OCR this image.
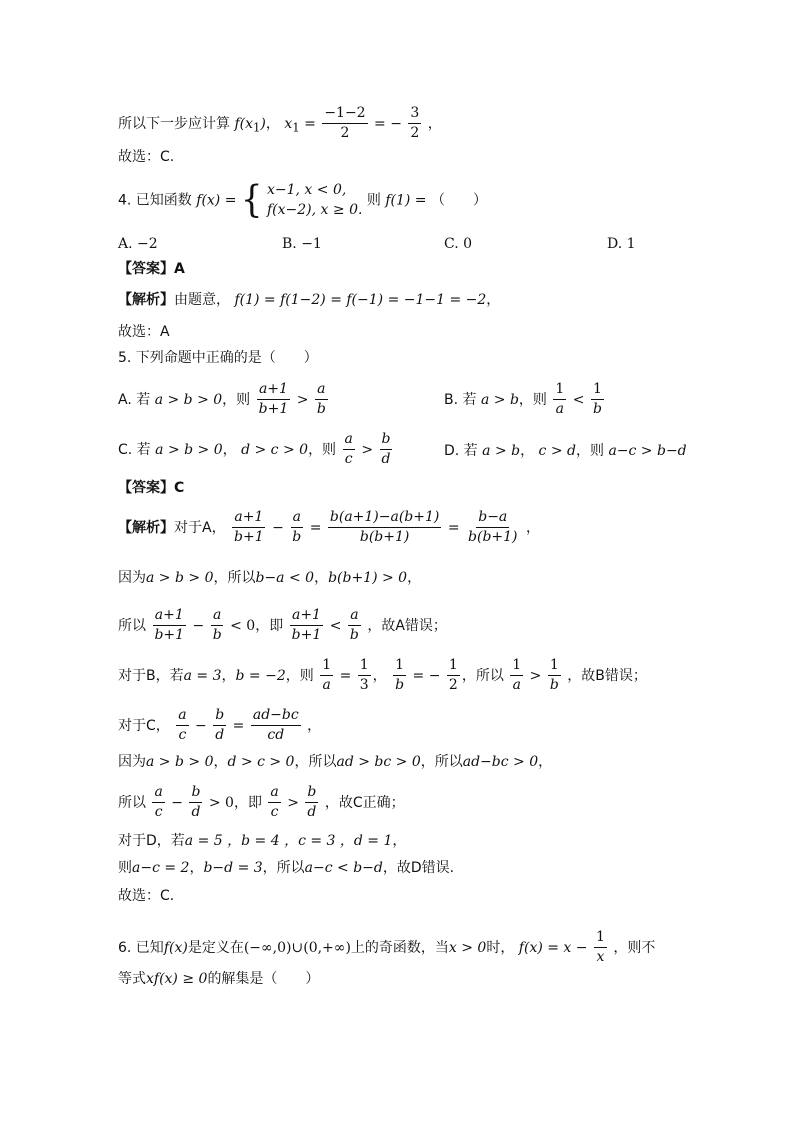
所以下一步应计算 $f(x_1)$， $x_1 = \frac{-1-2}{2}$ = − $\frac{3}{2}$ ，
故选：C.
4. 已知函数 f(x) = { x−1, x < 0,
f(x−2), x ≥ 0.
则 f(1) = （　　）
A. −2	B. −1	C. 0	D. 1
【答案】A
【解析】由题意， f(1) = f(1−2) = f(−1) = −1−1 = −2，
故选：A
5. 下列命题中正确的是（　　）
A. 若 a > b > 0，则 $\frac{a+1}{b+1} > \frac{a}{b}$	B. 若 a > b，则 $\frac{1}{a} < \frac{1}{b}$
C. 若 a > b > 0， d > c > 0，则 $\frac{a}{c} > \frac{b}{d}$	D. 若 a > b， c > d，则 a−c > b−d
【答案】C
【解析】对于A， $\frac{a+1}{b+1} - \frac{a}{b} = \frac{b(a+1)-a(b+1)}{b(b+1)} = \frac{b-a}{b(b+1)}$ ，
因为a > b > 0，所以b−a < 0，b(b+1) > 0，
所以 $\frac{a+1}{b+1} - \frac{a}{b} < 0$，即 $\frac{a+1}{b+1} < \frac{a}{b}$ ，故A错误；
对于B，若a = 3，b = −2，则 $\frac{1}{a} = \frac{1}{3}$ ， $\frac{1}{b}$ = − $\frac{1}{2}$ ，所以 $\frac{1}{a} > \frac{1}{b}$ ，故B错误；
对于C， $\frac{a}{c} - \frac{b}{d} = \frac{ad-bc}{cd}$ ，
因为a > b > 0，d > c > 0，所以ad > bc > 0，所以ad−bc > 0，
所以 $\frac{a}{c} - \frac{b}{d} > 0$，即 $\frac{a}{c} > \frac{b}{d}$ ，故C正确；
对于D，若a = 5 ，b = 4 ，c = 3 ，d = 1，
则a−c = 2，b−d = 3，所以a−c < b−d，故D错误.
故选：C.
6. 已知f(x)是定义在(−∞,0)∪(0,+∞)上的奇函数，当x > 0时， $f(x) = x - \frac{1}{x}$ ，则不
等式xf(x) ≥ 0的解集是（　　）
